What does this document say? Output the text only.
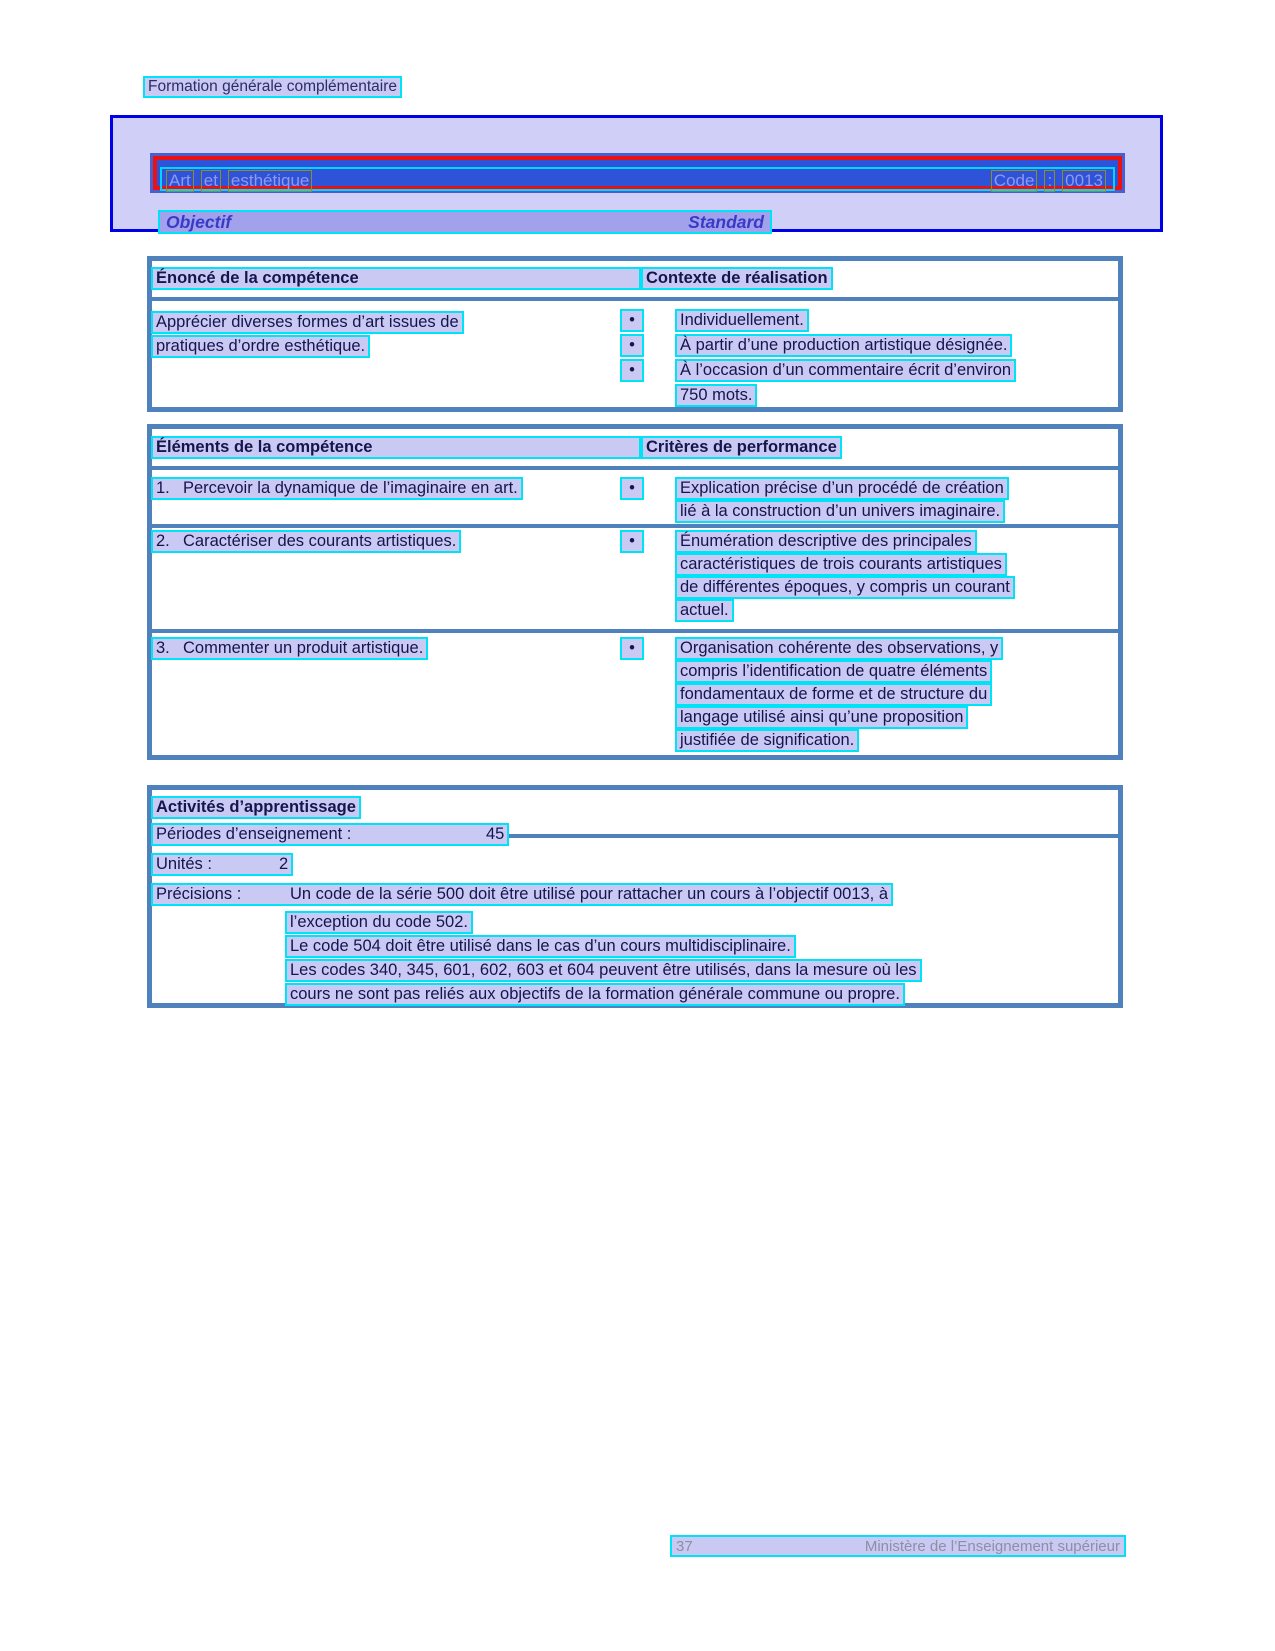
Formation générale complémentaire
Art et esthétique	Code : 0013
Objectif	Standard
Énoncé de la compétence	Contexte de réalisation
Apprécier diverses formes d’art issues de
pratiques d’ordre esthétique.
•	Individuellement.
•	À partir d’une production artistique désignée.
•	À l’occasion d’un commentaire écrit d’environ
750 mots.
Éléments de la compétence	Critères de performance
1. Percevoir la dynamique de l’imaginaire en art.	•	Explication précise d’un procédé de création
lié à la construction d’un univers imaginaire.
2. Caractériser des courants artistiques.	•	Énumération descriptive des principales
caractéristiques de trois courants artistiques
de différentes époques, y compris un courant
actuel.
3. Commenter un produit artistique.	•	Organisation cohérente des observations, y
compris l’identification de quatre éléments
fondamentaux de forme et de structure du
langage utilisé ainsi qu’une proposition
justifiée de signification.
Activités d’apprentissage
Périodes d’enseignement :	45
Unités :	2
Précisions :	Un code de la série 500 doit être utilisé pour rattacher un cours à l’objectif 0013, à
l’exception du code 502.
Le code 504 doit être utilisé dans le cas d’un cours multidisciplinaire.
Les codes 340, 345, 601, 602, 603 et 604 peuvent être utilisés, dans la mesure où les
cours ne sont pas reliés aux objectifs de la formation générale commune ou propre.
37	Ministère de l’Enseignement supérieur
